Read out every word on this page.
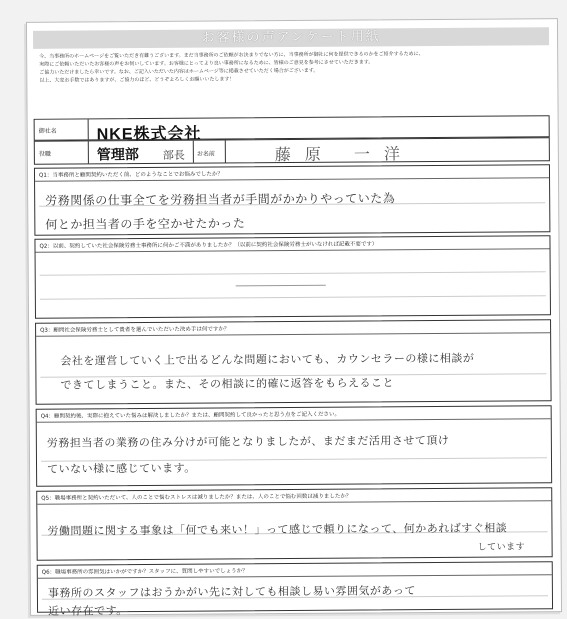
お客様の声アンケート用紙

今、当事務所のホームページをご覧いただき有難うございます。まだ当事務所のご依頼がお決まりでない方に、当事務所が御社に何を提供できるのかをご紹介するために、

実際にご依頼いただいたお客様の声をお伺いしています。お客様にとってより良い事務所になるために、皆様のご意見を参考にさせていただきます。

ご協力いただけましたら幸いです。なお、ご記入いただいた内容はホームページ等に掲載させていただく場合がございます。

以上、大変お手数ではありますが、ご協力のほど、どうぞよろしくお願いいたします！

御社名	NKE株式会社
役職	管理部 部長 お名前	藤原 一洋
Q1：当事務所と顧問契約いただく前、どのようなことでお悩みでしたか？
労務関係の仕事全てを労務担当者が手間がかかりやっていた為
何とか担当者の手を空かせたかった
Q2：以前、契約していた社会保険労務士事務所に何かご不満がありましたか？（以前に契約社会保険労務士がいなければ記載不要です）
Q3：顧問社会保険労務士として貴者を選んでいただいた決め手は何ですか？
会社を運営していく上で出るどんな問題においても、カウンセラーの様に相談が
できてしまうこと。また、その相談に的確に返答をもらえること
Q4：顧問契約後、実際に抱えていた悩みは解決しましたか？または、顧問契約して良かったと思う点をご記入ください。
労務担当者の業務の住み分けが可能となりましたが、まだまだ活用させて頂け
ていない様に感じています。
Q5：職場事務所と契約いただいて、人のことで悩むストレスは減りましたか？または、人のことで悩む回数は減りましたか？
労働問題に関する事象は「何でも来い！」って感じで頼りになって、何かあればすぐ相談
しています
Q6：職場事務所の雰囲気はいかがですか？スタッフに、質問しやすいでしょうか？
事務所のスタッフはおうかがい先に対しても相談し易い雰囲気があって
近い存在です。
